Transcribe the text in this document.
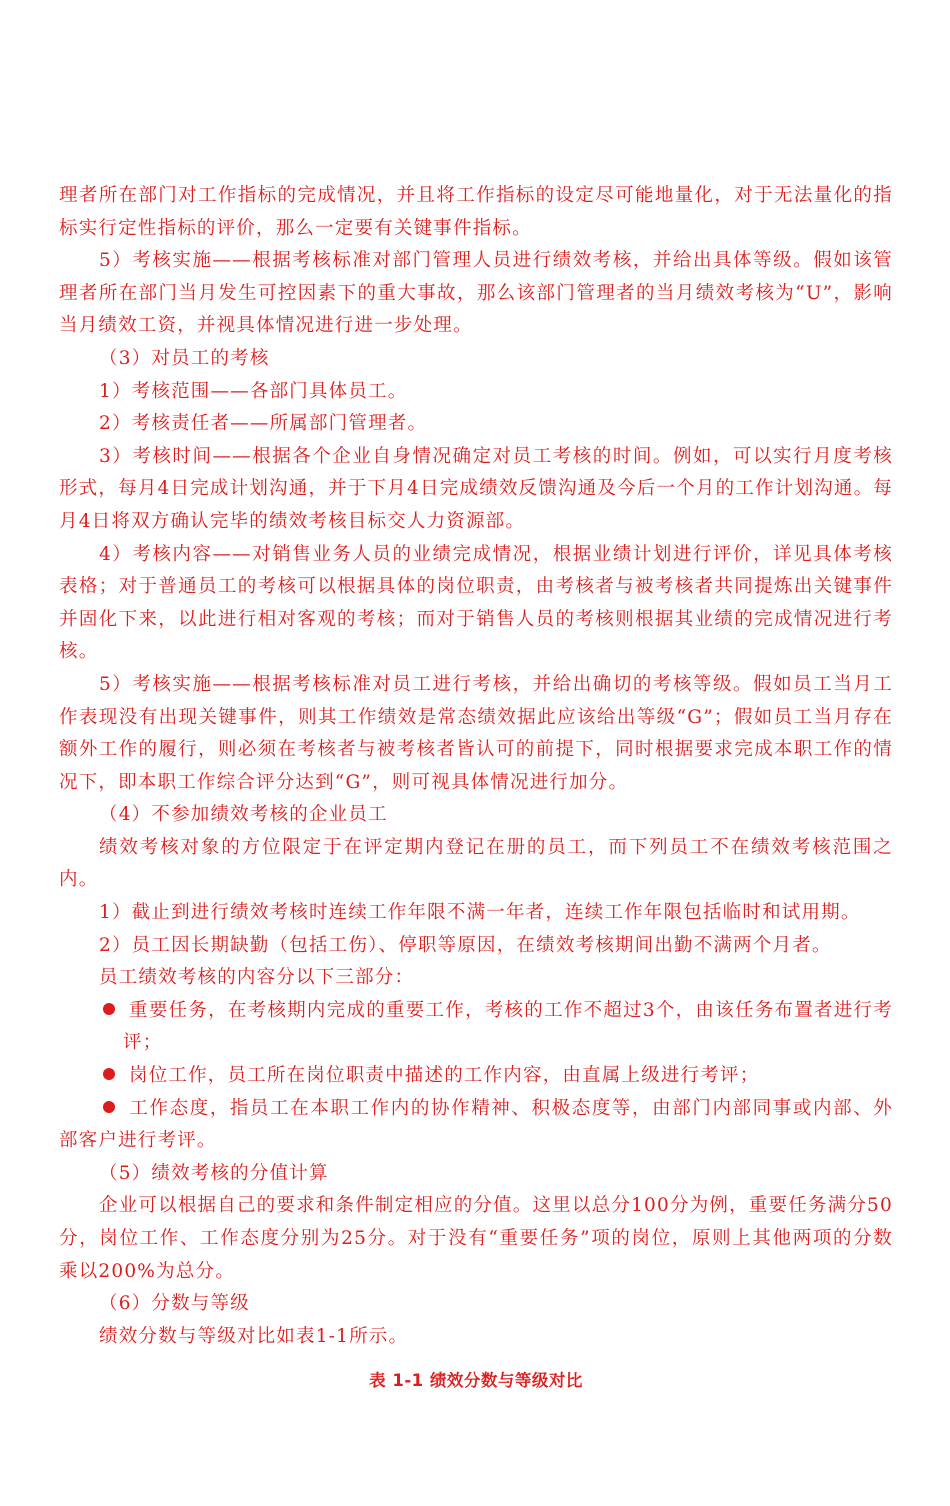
理者所在部门对工作指标的完成情况，并且将工作指标的设定尽可能地量化，对于无法量化的指标实行定性指标的评价，那么一定要有关键事件指标。

5）考核实施——根据考核标准对部门管理人员进行绩效考核，并给出具体等级。假如该管理者所在部门当月发生可控因素下的重大事故，那么该部门管理者的当月绩效考核为“U”，影响当月绩效工资，并视具体情况进行进一步处理。

（3）对员工的考核

1）考核范围——各部门具体员工。

2）考核责任者——所属部门管理者。

3）考核时间——根据各个企业自身情况确定对员工考核的时间。例如，可以实行月度考核形式，每月4日完成计划沟通，并于下月4日完成绩效反馈沟通及今后一个月的工作计划沟通。每月4日将双方确认完毕的绩效考核目标交人力资源部。

4）考核内容——对销售业务人员的业绩完成情况，根据业绩计划进行评价，详见具体考核表格；对于普通员工的考核可以根据具体的岗位职责，由考核者与被考核者共同提炼出关键事件并固化下来，以此进行相对客观的考核；而对于销售人员的考核则根据其业绩的完成情况进行考核。

5）考核实施——根据考核标准对员工进行考核，并给出确切的考核等级。假如员工当月工作表现没有出现关键事件，则其工作绩效是常态绩效据此应该给出等级“G”；假如员工当月存在额外工作的履行，则必须在考核者与被考核者皆认可的前提下，同时根据要求完成本职工作的情况下，即本职工作综合评分达到“G”，则可视具体情况进行加分。

（4）不参加绩效考核的企业员工

绩效考核对象的方位限定于在评定期内登记在册的员工，而下列员工不在绩效考核范围之内。

1）截止到进行绩效考核时连续工作年限不满一年者，连续工作年限包括临时和试用期。

2）员工因长期缺勤（包括工伤）、停职等原因，在绩效考核期间出勤不满两个月者。

员工绩效考核的内容分以下三部分：

重要任务，在考核期内完成的重要工作，考核的工作不超过3个，由该任务布置者进行考评；

岗位工作，员工所在岗位职责中描述的工作内容，由直属上级进行考评；

工作态度，指员工在本职工作内的协作精神、积极态度等，由部门内部同事或内部、外部客户进行考评。

（5）绩效考核的分值计算

企业可以根据自己的要求和条件制定相应的分值。这里以总分100分为例，重要任务满分50分，岗位工作、工作态度分别为25分。对于没有“重要任务”项的岗位，原则上其他两项的分数乘以200%为总分。

（6）分数与等级

绩效分数与等级对比如表1-1所示。

表 1-1 绩效分数与等级对比
